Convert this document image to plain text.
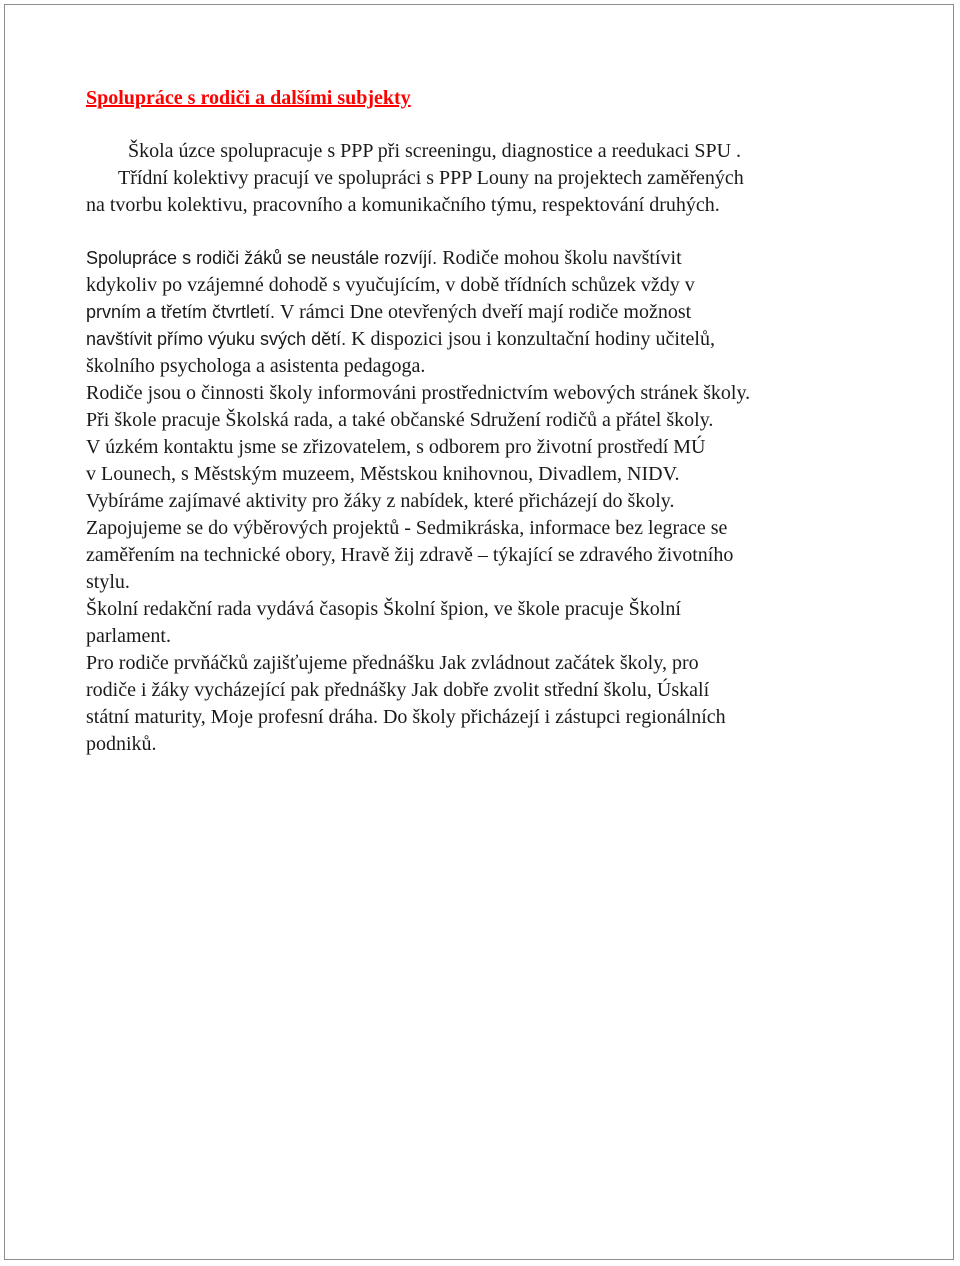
Spolupráce s rodiči a dalšími subjekty

Škola úzce spolupracuje s PPP při screeningu, diagnostice a reedukaci SPU .
Třídní kolektivy pracují ve spolupráci s PPP Louny na projektech zaměřených
na tvorbu kolektivu, pracovního a komunikačního týmu, respektování druhých.
Spolupráce s rodiči žáků se neustále rozvíjí. Rodiče mohou školu navštívit
kdykoliv po vzájemné dohodě s vyučujícím, v době třídních schůzek vždy v
prvním a třetím čtvrtletí. V rámci Dne otevřených dveří mají rodiče možnost
navštívit přímo výuku svých dětí. K dispozici jsou i konzultační hodiny učitelů,
školního psychologa a asistenta pedagoga.
Rodiče jsou o činnosti školy informováni prostřednictvím webových stránek školy.
Při škole pracuje Školská rada, a také občanské Sdružení rodičů a přátel školy.
V úzkém kontaktu jsme se zřizovatelem, s odborem pro životní prostředí MÚ
v Lounech, s Městským muzeem, Městskou knihovnou, Divadlem, NIDV.
Vybíráme zajímavé aktivity pro žáky z nabídek, které přicházejí do školy.
Zapojujeme se do výběrových projektů - Sedmikráska, informace bez legrace se
zaměřením na technické obory, Hravě žij zdravě – týkající se zdravého životního
stylu.
Školní redakční rada vydává časopis Školní špion, ve škole pracuje Školní
parlament.
Pro rodiče prvňáčků zajišťujeme přednášku Jak zvládnout začátek školy, pro
rodiče i žáky vycházející pak přednášky Jak dobře zvolit střední školu, Úskalí
státní maturity, Moje profesní dráha. Do školy přicházejí i zástupci regionálních
podniků.
